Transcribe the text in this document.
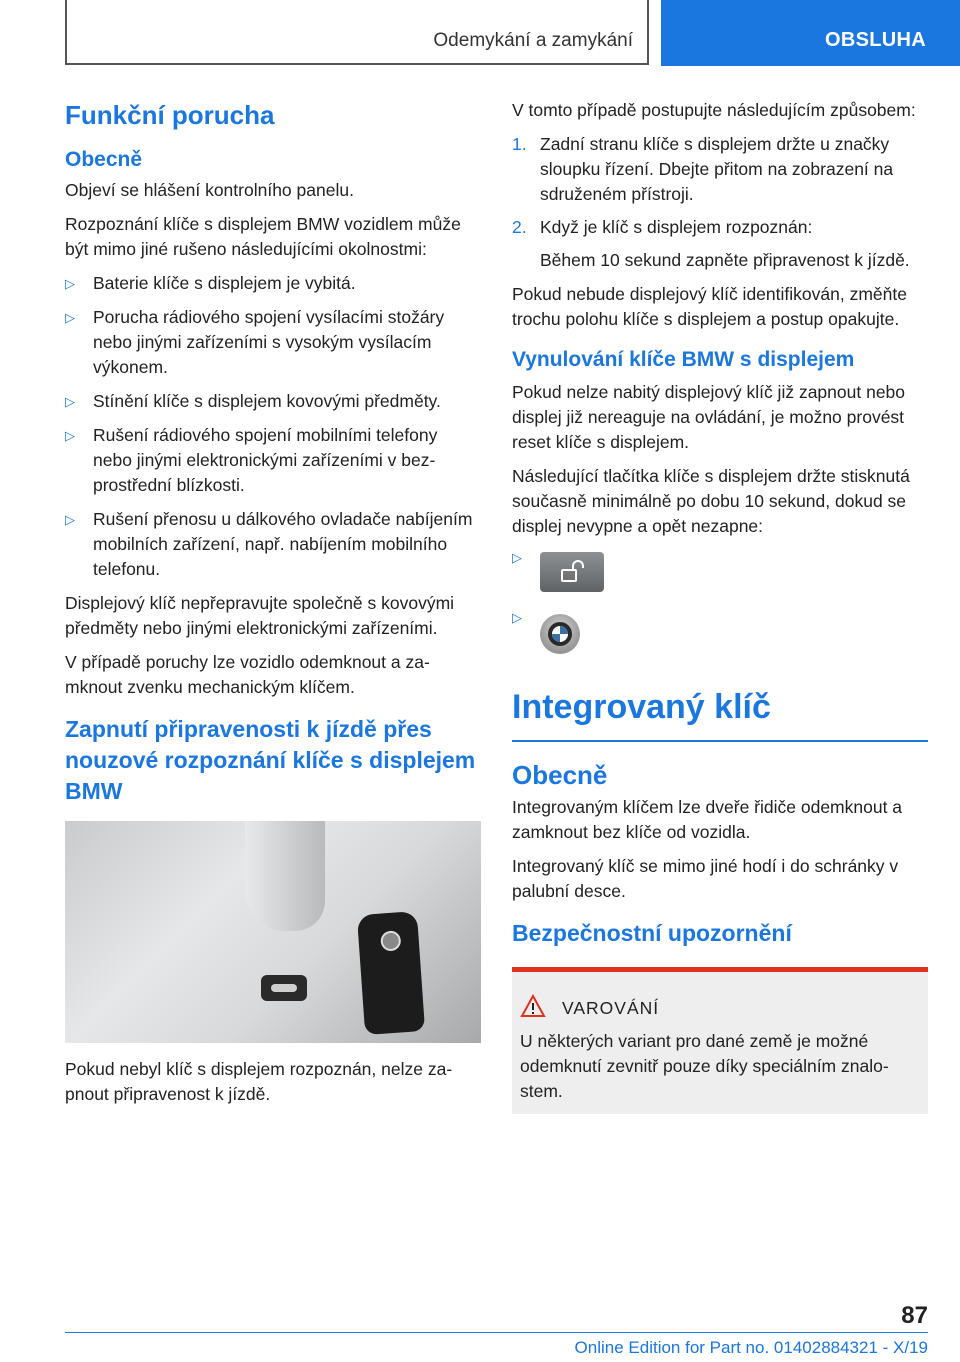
Odemykání a zamykání	OBSLUHA
Funkční porucha
Obecně

Objeví se hlášení kontrolního panelu.

Rozpoznání klíče s displejem BMW vozidlem může být mimo jiné rušeno následujícími okolnostmi:

▷ Baterie klíče s displejem je vybitá.
▷ Porucha rádiového spojení vysílacími stožáry nebo jinými zařízeními s vysokým vysílacím výkonem.
▷ Stínění klíče s displejem kovovými předměty.
▷ Rušení rádiového spojení mobilními telefony nebo jinými elektronickými zařízeními v bezprostřední blízkosti.
▷ Rušení přenosu u dálkového ovladače nabíjením mobilních zařízení, např. nabíjením mobilního telefonu.

Displejový klíč nepřepravujte společně s kovovými předměty nebo jinými elektronickými zařízeními.

V případě poruchy lze vozidlo odemknout a zamknout zvenku mechanickým klíčem.

Zapnutí připravenosti k jízdě přes nouzové rozpoznání klíče s displejem BMW

Pokud nebyl klíč s displejem rozpoznán, nelze zapnout připravenost k jízdě.

V tomto případě postupujte následujícím způsobem:

1. Zadní stranu klíče s displejem držte u značky sloupku řízení. Dbejte přitom na zobrazení na sdruženém přístroji.
2. Když je klíč s displejem rozpoznán:

Během 10 sekund zapněte připravenost k jízdě.

Pokud nebude displejový klíč identifikován, změňte trochu polohu klíče s displejem a postup opakujte.

Vynulování klíče BMW s displejem

Pokud nelze nabitý displejový klíč již zapnout nebo displej již nereaguje na ovládání, je možno provést reset klíče s displejem.

Následující tlačítka klíče s displejem držte stisknutá současně minimálně po dobu 10 sekund, dokud se displej nevypne a opět nezapne:

▷
▷
Integrovaný klíč
Obecně

Integrovaným klíčem lze dveře řidiče odemknout a zamknout bez klíče od vozidla.

Integrovaný klíč se mimo jiné hodí i do schránky v palubní desce.

Bezpečnostní upozornění
VAROVÁNÍ

U některých variant pro dané země je možné odemknutí zevnitř pouze díky speciálním znalostem.

87
Online Edition for Part no. 01402884321 - X/19
